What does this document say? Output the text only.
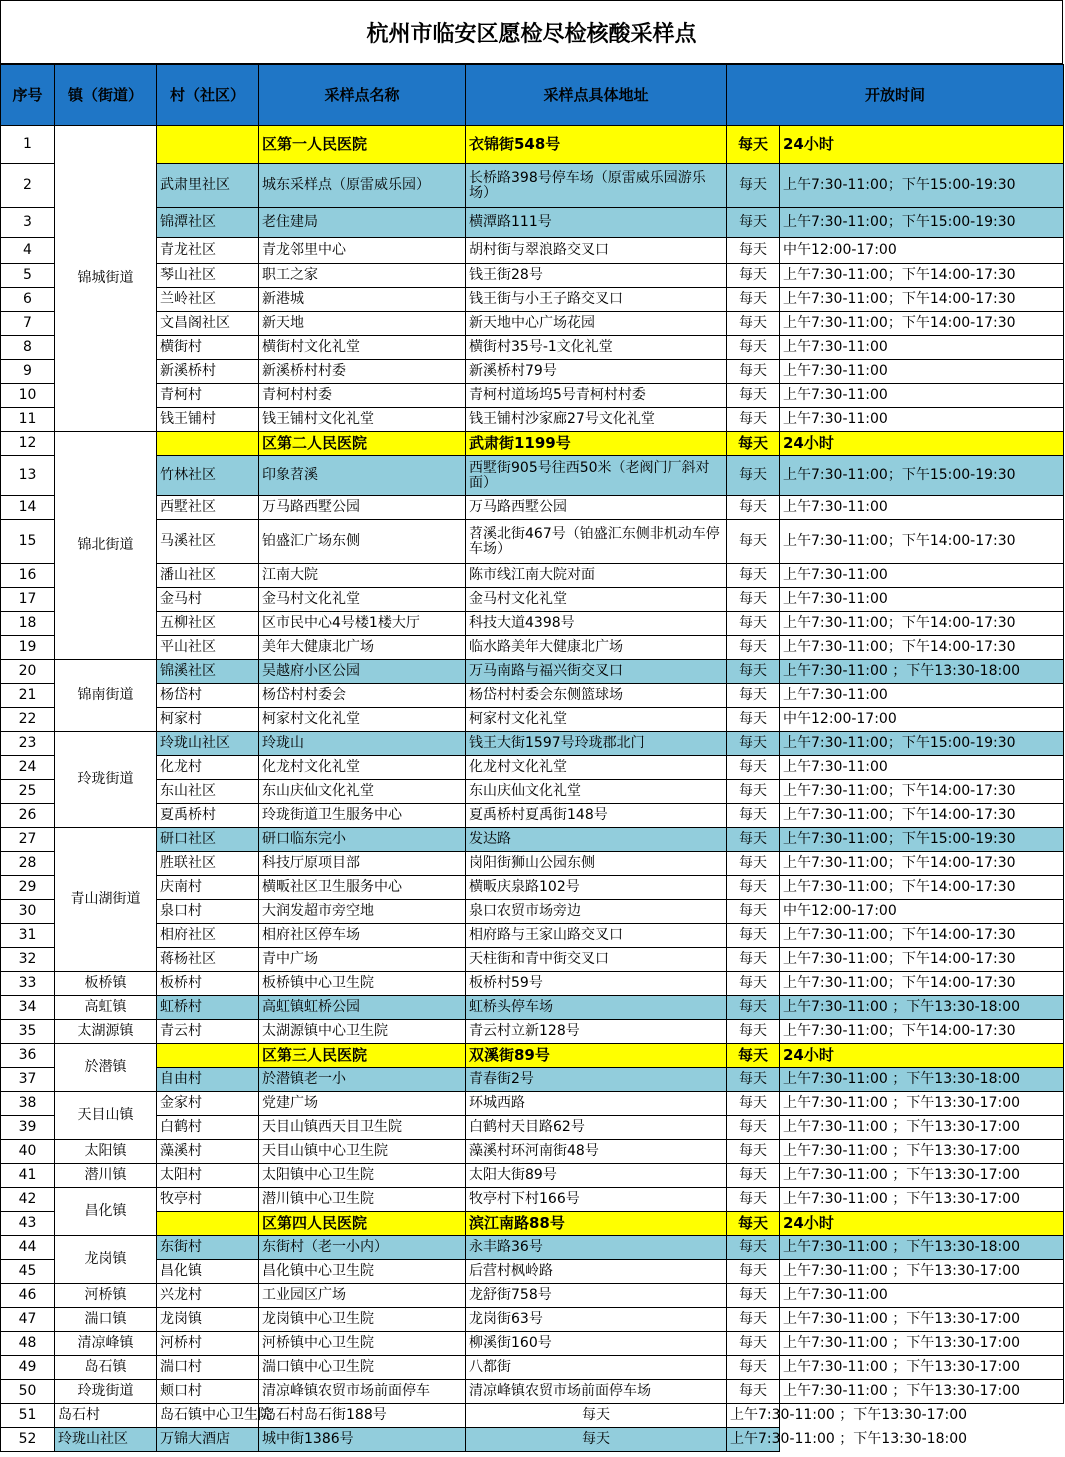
杭州市临安区愿检尽检核酸采样点
序号	镇（街道）	村（社区）	采样点名称	采样点具体地址	开放时间	
1	锦城街道		区第一人民医院	衣锦街548号	每天	24小时
2		武肃里社区	城东采样点（原雷威乐园）	长桥路398号停车场（原雷威乐园游乐场）	每天	上午7:30-11:00；下午15:00-19:30
3		锦潭社区	老住建局	横潭路111号	每天	上午7:30-11:00；下午15:00-19:30
4		青龙社区	青龙邻里中心	胡村街与翠浪路交叉口	每天	中午12:00-17:00
5		琴山社区	职工之家	钱王街28号	每天	上午7:30-11:00；下午14:00-17:30
6		兰岭社区	新港城	钱王街与小王子路交叉口	每天	上午7:30-11:00；下午14:00-17:30
7		文昌阁社区	新天地	新天地中心广场花园	每天	上午7:30-11:00；下午14:00-17:30
8		横街村	横街村文化礼堂	横街村35号-1文化礼堂	每天	上午7:30-11:00
9		新溪桥村	新溪桥村村委	新溪桥村79号	每天	上午7:30-11:00
10		青柯村	青柯村村委	青柯村道场坞5号青柯村村委	每天	上午7:30-11:00
11		钱王铺村	钱王铺村文化礼堂	钱王铺村沙家廊27号文化礼堂	每天	上午7:30-11:00
12	锦北街道		区第二人民医院	武肃街1199号	每天	24小时
13		竹林社区	印象苕溪	西墅街905号往西50米（老阀门厂斜对面）	每天	上午7:30-11:00；下午15:00-19:30
14		西墅社区	万马路西墅公园	万马路西墅公园	每天	上午7:30-11:00
15		马溪社区	铂盛汇广场东侧	苕溪北街467号（铂盛汇东侧非机动车停车场）	每天	上午7:30-11:00；下午14:00-17:30
16		潘山社区	江南大院	陈市线江南大院对面	每天	上午7:30-11:00
17		金马村	金马村文化礼堂	金马村文化礼堂	每天	上午7:30-11:00
18		五柳社区	区市民中心4号楼1楼大厅	科技大道4398号	每天	上午7:30-11:00；下午14:00-17:30
19		平山社区	美年大健康北广场	临水路美年大健康北广场	每天	上午7:30-11:00；下午14:00-17:30
20	锦南街道	锦溪社区	吴越府小区公园	万马南路与福兴街交叉口	每天	上午7:30-11:00 ；下午13:30-18:00
21		杨岱村	杨岱村村委会	杨岱村村委会东侧篮球场	每天	上午7:30-11:00
22		柯家村	柯家村文化礼堂	柯家村文化礼堂	每天	中午12:00-17:00
23	玲珑街道	玲珑山社区	玲珑山	钱王大街1597号玲珑郡北门	每天	上午7:30-11:00；下午15:00-19:30
24		化龙村	化龙村文化礼堂	化龙村文化礼堂	每天	上午7:30-11:00
25		东山社区	东山庆仙文化礼堂	东山庆仙文化礼堂	每天	上午7:30-11:00；下午14:00-17:30
26		夏禹桥村	玲珑街道卫生服务中心	夏禹桥村夏禹街148号	每天	上午7:30-11:00；下午14:00-17:30
27	青山湖街道	研口社区	研口临东完小	发达路	每天	上午7:30-11:00；下午15:00-19:30
28		胜联社区	科技厅原项目部	岗阳街狮山公园东侧	每天	上午7:30-11:00；下午14:00-17:30
29		庆南村	横畈社区卫生服务中心	横畈庆泉路102号	每天	上午7:30-11:00；下午14:00-17:30
30		泉口村	大润发超市旁空地	泉口农贸市场旁边	每天	中午12:00-17:00
31		相府社区	相府社区停车场	相府路与王家山路交叉口	每天	上午7:30-11:00；下午14:00-17:30
32		蒋杨社区	青中广场	天柱街和青中街交叉口	每天	上午7:30-11:00；下午14:00-17:30
33	板桥镇	板桥村	板桥镇中心卫生院	板桥村59号	每天	上午7:30-11:00；下午14:00-17:30
34	高虹镇	虹桥村	高虹镇虹桥公园	虹桥头停车场	每天	上午7:30-11:00 ；下午13:30-18:00
35	太湖源镇	青云村	太湖源镇中心卫生院	青云村立新128号	每天	上午7:30-11:00；下午14:00-17:30
36	於潜镇		区第三人民医院	双溪街89号	每天	24小时
37		自由村	於潜镇老一小	青春街2号	每天	上午7:30-11:00 ；下午13:30-18:00
38	天目山镇	金家村	党建广场	环城西路	每天	上午7:30-11:00 ；下午13:30-17:00
39		白鹤村	天目山镇西天目卫生院	白鹤村天目路62号	每天	上午7:30-11:00 ；下午13:30-17:00
40	太阳镇	藻溪村	天目山镇中心卫生院	藻溪村环河南街48号	每天	上午7:30-11:00 ；下午13:30-17:00
41	潜川镇	太阳村	太阳镇中心卫生院	太阳大街89号	每天	上午7:30-11:00 ；下午13:30-17:00
42	昌化镇	牧亭村	潜川镇中心卫生院	牧亭村下村166号	每天	上午7:30-11:00 ；下午13:30-17:00
43			区第四人民医院	滨江南路88号	每天	24小时
44	龙岗镇	东街村	东街村（老一小内）	永丰路36号	每天	上午7:30-11:00 ；下午13:30-18:00
45		昌化镇	昌化镇中心卫生院	后营村枫岭路	每天	上午7:30-11:00 ；下午13:30-17:00
46	河桥镇	兴龙村	工业园区广场	龙舒街758号	每天	上午7:30-11:00
47	湍口镇	龙岗镇	龙岗镇中心卫生院	龙岗街63号	每天	上午7:30-11:00 ；下午13:30-17:00
48	清凉峰镇	河桥村	河桥镇中心卫生院	柳溪街160号	每天	上午7:30-11:00 ；下午13:30-17:00
49	岛石镇	湍口村	湍口镇中心卫生院	八都街	每天	上午7:30-11:00 ；下午13:30-17:00
50	玲珑街道	颊口村	清凉峰镇农贸市场前面停车	清凉峰镇农贸市场前面停车场	每天	上午7:30-11:00 ；下午13:30-17:00
51	岛石村	岛石镇中心卫生院	岛石村岛石街188号	每天	上午7:30-11:00 ；下午13:30-17:00	
52	玲珑山社区	万锦大酒店	城中街1386号	每天	上午7:30-11:00 ；下午13:30-18:00	
